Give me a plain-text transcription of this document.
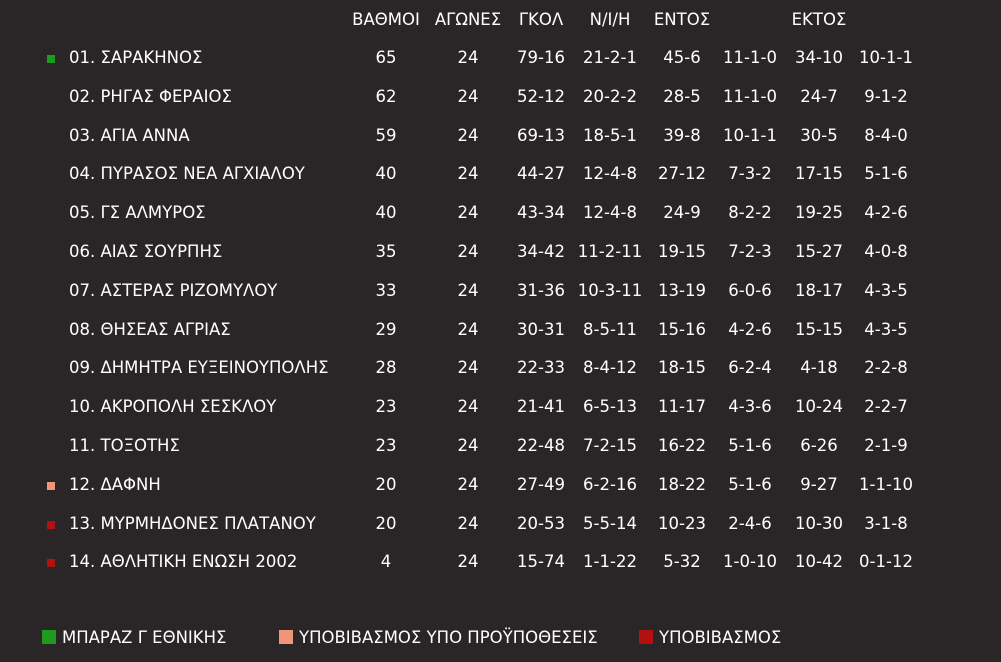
ΒΑΘΜΟΙ ΑΓΩΝΕΣ ΓΚΟΛ Ν/Ι/Η ΕΝΤΟΣ	ΕΚΤΟΣ
01. ΣΑΡΑΚΗΝΟΣ	65	24 79-16 21-2-1 45-6 11-1-0 34-10 10-1-1
02. ΡΗΓΑΣ ΦΕΡΑΙΟΣ	62	24 52-12 20-2-2 28-5 11-1-0 24-7 9-1-2
03. ΑΓΙΑ ΑΝΝΑ	59	24 69-13 18-5-1 39-8 10-1-1 30-5 8-4-0
04. ΠΥΡΑΣΟΣ ΝΕΑ ΑΓΧΙΑΛΟΥ	40	24 44-27 12-4-8 27-12 7-3-2 17-15 5-1-6
05. ΓΣ ΑΛΜΥΡΟΣ	40	24 43-34 12-4-8 24-9 8-2-2 19-25 4-2-6
06. ΑΙΑΣ ΣΟΥΡΠΗΣ	35	24 34-42 11-2-11 19-15 7-2-3 15-27 4-0-8
07. ΑΣΤΕΡΑΣ ΡΙΖΟΜΥΛΟΥ	33	24 31-36 10-3-11 13-19 6-0-6 18-17 4-3-5
08. ΘΗΣΕΑΣ ΑΓΡΙΑΣ	29	24 30-31 8-5-11 15-16 4-2-6 15-15 4-3-5
09. ΔΗΜΗΤΡΑ ΕΥΞΕΙΝΟΥΠΟΛΗΣ	28	24 22-33 8-4-12 18-15 6-2-4 4-18 2-2-8
10. ΑΚΡΟΠΟΛΗ ΣΕΣΚΛΟΥ	23	24 21-41 6-5-13 11-17 4-3-6 10-24 2-2-7
11. ΤΟΞΟΤΗΣ	23	24 22-48 7-2-15 16-22 5-1-6 6-26 2-1-9
12. ΔΑΦΝΗ	20	24 27-49 6-2-16 18-22 5-1-6 9-27 1-1-10
13. ΜΥΡΜΗΔΟΝΕΣ ΠΛΑΤΑΝΟΥ	20	24 20-53 5-5-14 10-23 2-4-6 10-30 3-1-8
14. ΑΘΛΗΤΙΚΗ ΕΝΩΣΗ 2002	4	24 15-74 1-1-22 5-32 1-0-10 10-42 0-1-12
ΜΠΑΡΑΖ Γ ΕΘΝΙΚΗΣ	ΥΠΟΒΙΒΑΣΜΟΣ ΥΠΟ ΠΡΟΫΠΟΘΕΣΕΙΣ	ΥΠΟΒΙΒΑΣΜΟΣ
